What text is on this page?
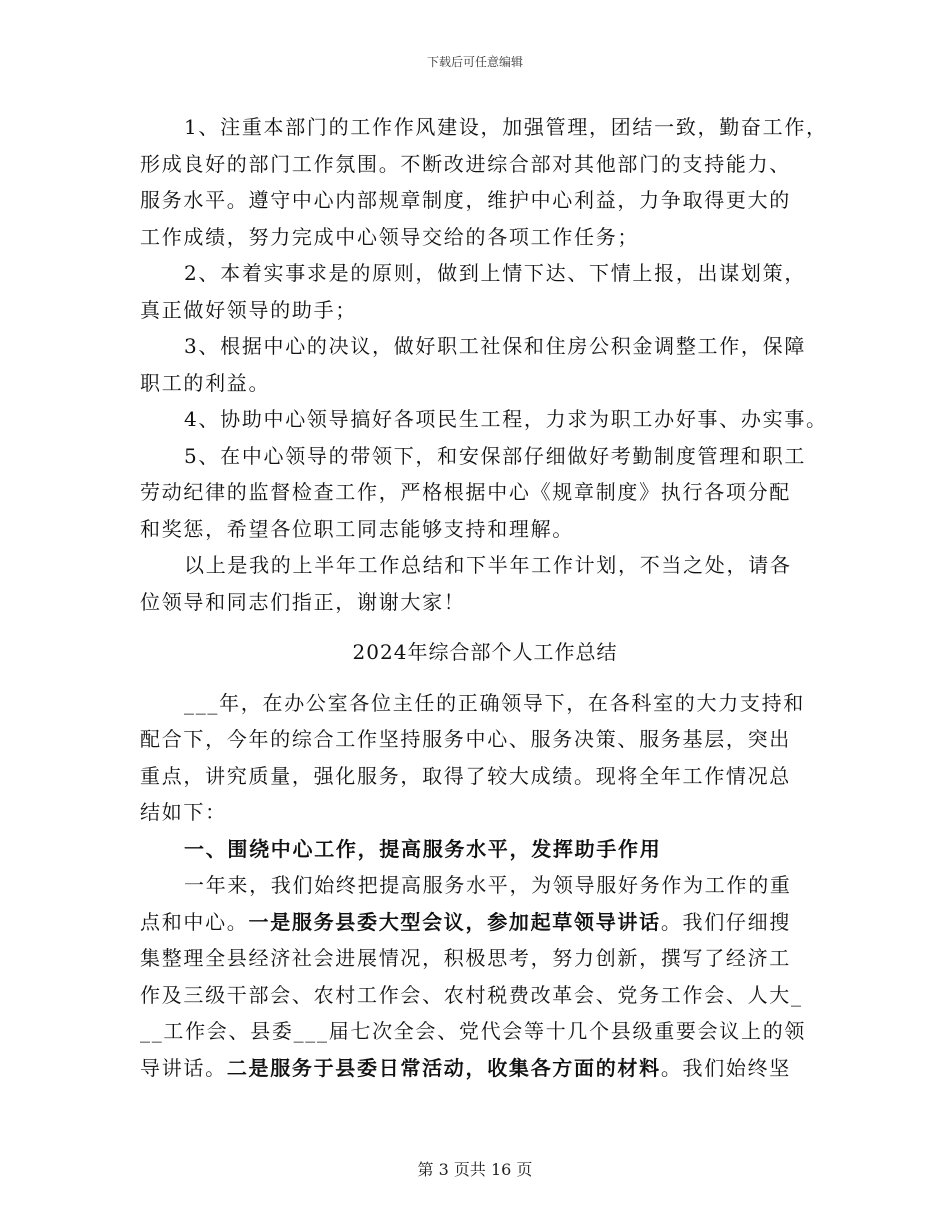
下载后可任意编辑
1、注重本部门的工作作风建设，加强管理，团结一致，勤奋工作，
形成良好的部门工作氛围。不断改进综合部对其他部门的支持能力、
服务水平。遵守中心内部规章制度，维护中心利益，力争取得更大的
工作成绩，努力完成中心领导交给的各项工作任务；
2、本着实事求是的原则，做到上情下达、下情上报，出谋划策，
真正做好领导的助手；
3、根据中心的决议，做好职工社保和住房公积金调整工作，保障
职工的利益。
4、协助中心领导搞好各项民生工程，力求为职工办好事、办实事。
5、在中心领导的带领下，和安保部仔细做好考勤制度管理和职工
劳动纪律的监督检查工作，严格根据中心《规章制度》执行各项分配
和奖惩，希望各位职工同志能够支持和理解。
以上是我的上半年工作总结和下半年工作计划，不当之处，请各
位领导和同志们指正，谢谢大家！
2024年综合部个人工作总结
___年，在办公室各位主任的正确领导下，在各科室的大力支持和
配合下，今年的综合工作坚持服务中心、服务决策、服务基层，突出
重点，讲究质量，强化服务，取得了较大成绩。现将全年工作情况总
结如下：
一、围绕中心工作，提高服务水平，发挥助手作用
一年来，我们始终把提高服务水平，为领导服好务作为工作的重
点和中心。一是服务县委大型会议，参加起草领导讲话。我们仔细搜
集整理全县经济社会进展情况，积极思考，努力创新，撰写了经济工
作及三级干部会、农村工作会、农村税费改革会、党务工作会、人大_
__工作会、县委___届七次全会、党代会等十几个县级重要会议上的领
导讲话。二是服务于县委日常活动，收集各方面的材料。我们始终坚
第 3 页共 16 页
